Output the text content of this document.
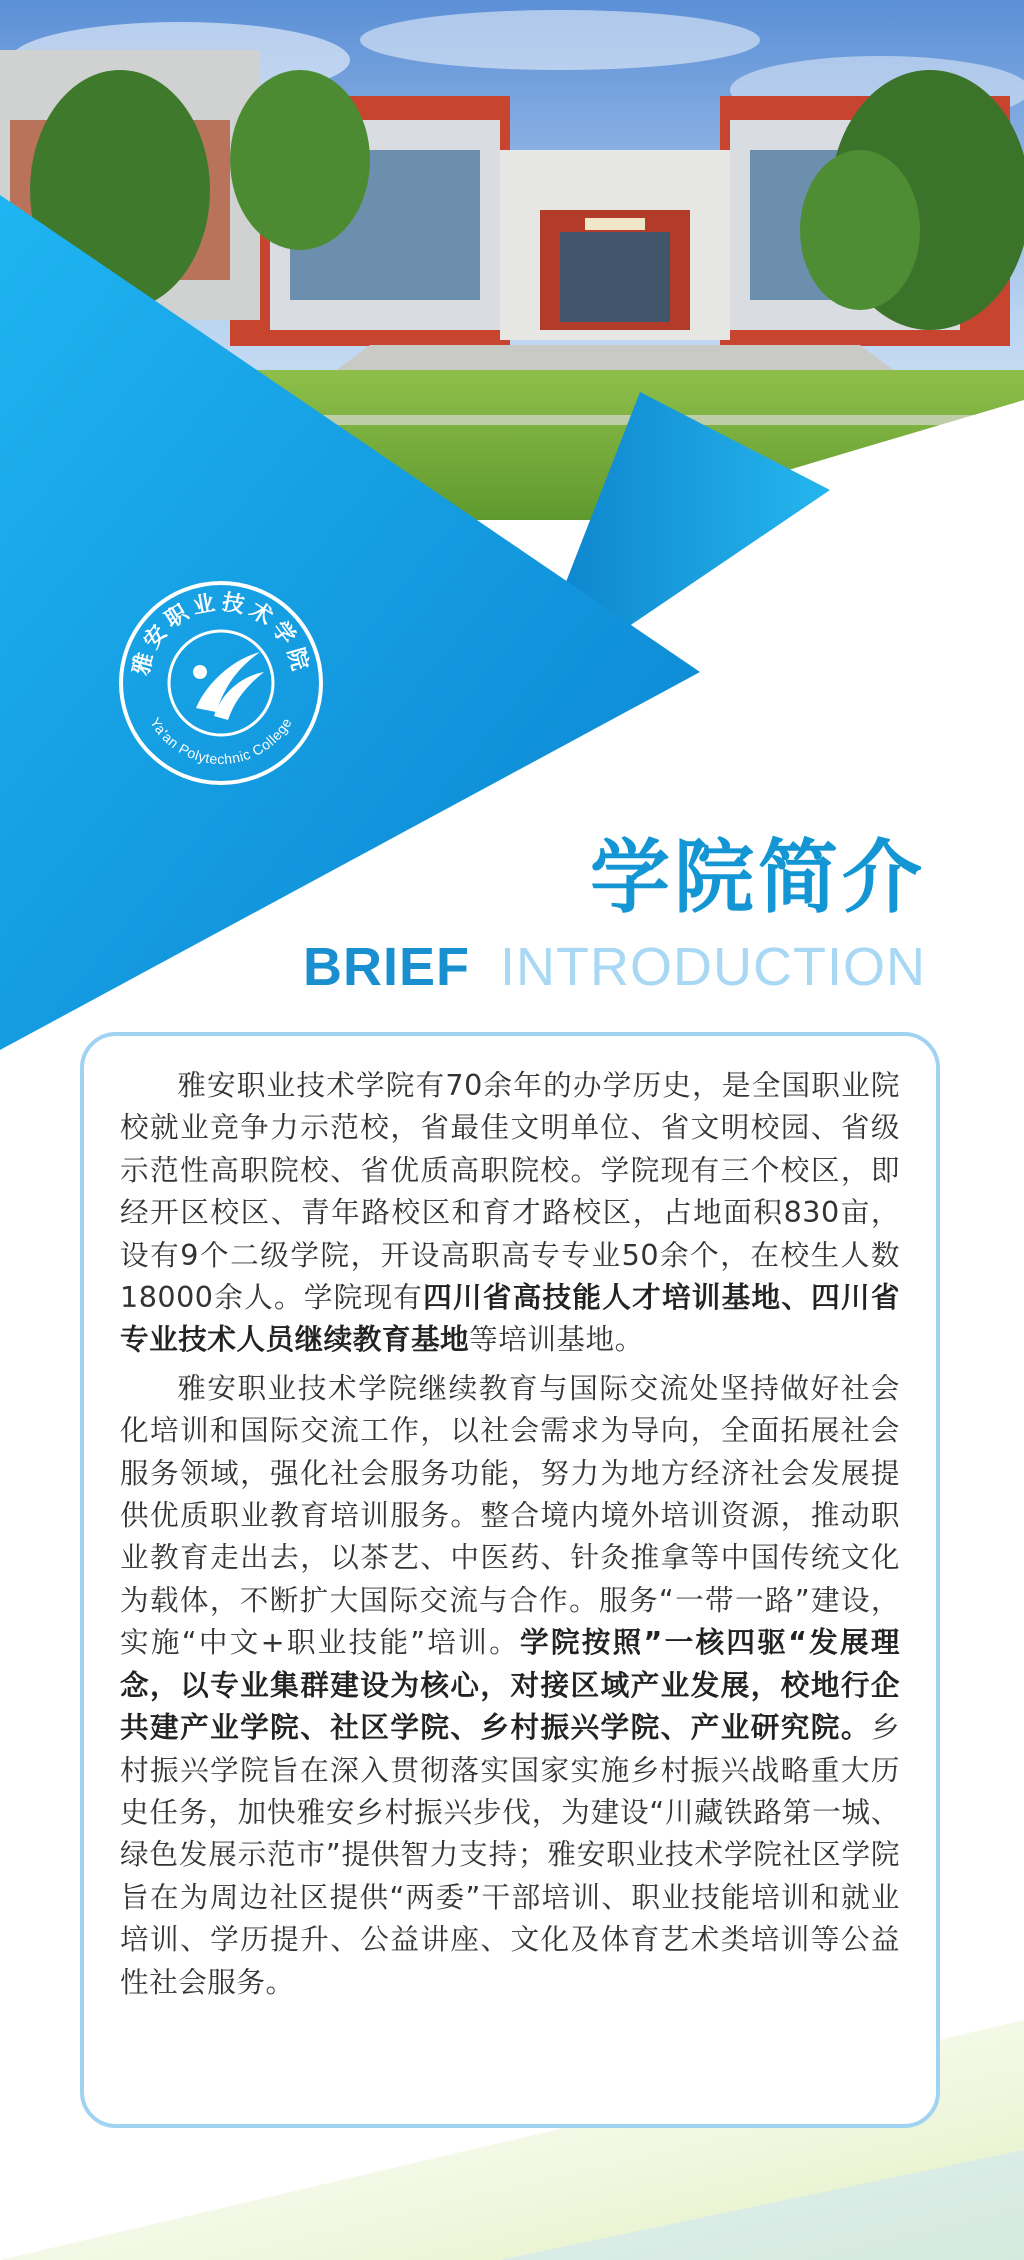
雅安职业技术学院
Ya'an Polytechnic College
学院简介
BRIEF INTRODUCTION

雅安职业技术学院有70余年的办学历史，是全国职业院校就业竞争力示范校，省最佳文明单位、省文明校园、省级示范性高职院校、省优质高职院校。学院现有三个校区，即经开区校区、青年路校区和育才路校区，占地面积830亩，设有9个二级学院，开设高职高专专业50余个，在校生人数18000余人。学院现有四川省高技能人才培训基地、四川省专业技术人员继续教育基地等培训基地。

雅安职业技术学院继续教育与国际交流处坚持做好社会化培训和国际交流工作，以社会需求为导向，全面拓展社会服务领域，强化社会服务功能，努力为地方经济社会发展提供优质职业教育培训服务。整合境内境外培训资源，推动职业教育走出去，以茶艺、中医药、针灸推拿等中国传统文化为载体，不断扩大国际交流与合作。服务“一带一路”建设，实施“中文+职业技能”培训。学院按照”一核四驱“发展理念，以专业集群建设为核心，对接区域产业发展，校地行企共建产业学院、社区学院、乡村振兴学院、产业研究院。乡村振兴学院旨在深入贯彻落实国家实施乡村振兴战略重大历史任务，加快雅安乡村振兴步伐，为建设“川藏铁路第一城、绿色发展示范市”提供智力支持；雅安职业技术学院社区学院旨在为周边社区提供“两委”干部培训、职业技能培训和就业培训、学历提升、公益讲座、文化及体育艺术类培训等公益性社会服务。
